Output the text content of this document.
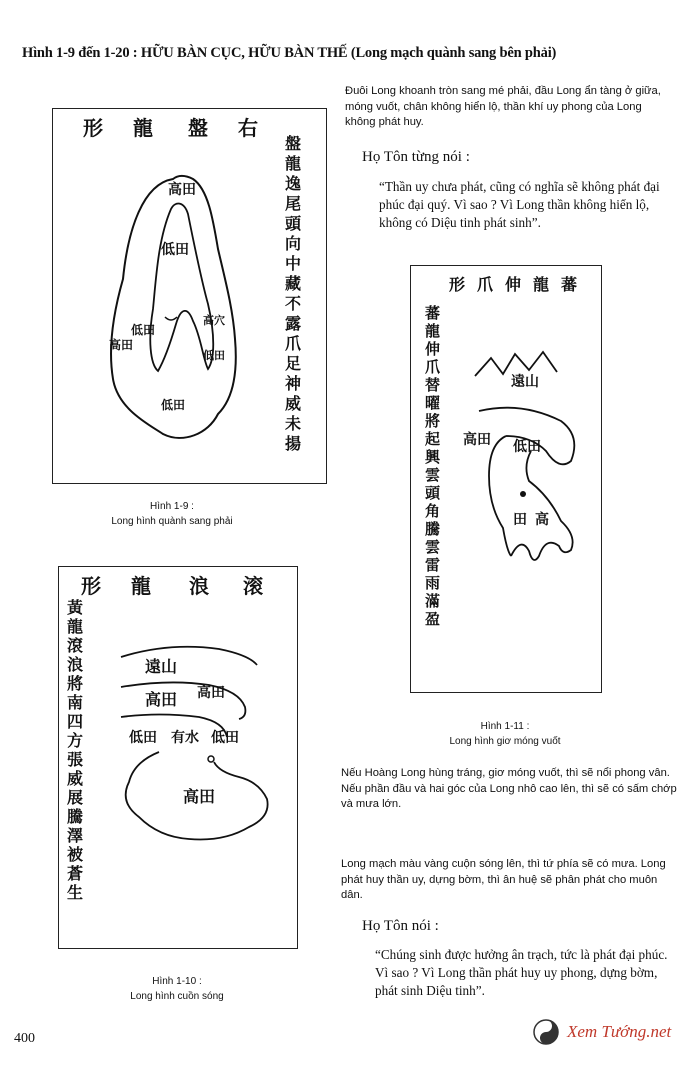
Hình 1-9 đến 1-20 : HỮU BÀN CỤC, HỮU BÀN THẾ (Long mạch quành sang bên phải)
Đuôi Long khoanh tròn sang mé phải, đầu Long ẩn tàng ở giữa, móng vuốt, chân không hiển lộ, thần khí uy phong của Long không phát huy.
Họ Tôn từng nói :
“Thần uy chưa phát, cũng có nghĩa sẽ không phát đại phúc đại quý. Vì sao ? Vì Long thần không hiển lộ, không có Diệu tinh phát sinh”.
形 龍 盤 右
盤
龍
逸
尾
頭
向
中
藏
不
露
爪
足
神
威
未
揚
高田
低田
低田
高田
高穴
低田
低田
Hình 1-9 :
Long hình quành sang phải
形 爪 伸 龍 蕃
蕃
龍
伸
爪
替
曜
將
起
興
雲
頭
角
騰
雲
雷
雨
滿
盈
遠山
高田 低田
田 高
Hình 1-11 :
Long hình giơ móng vuốt
Nếu Hoàng Long hùng tráng, giơ móng vuốt, thì sẽ nổi phong vân. Nếu phần đầu và hai góc của Long nhô cao lên, thì sẽ có sấm chớp và mưa lớn.
形 龍 浪 滚
黃
龍
滾
浪
將
南
四
方
張
威
展
騰
澤
被
蒼
生
遠山
高田 高田
低田 有水 低田
高田
Hình 1-10 :
Long hình cuồn sóng
Long mạch màu vàng cuộn sóng lên, thì tứ phía sẽ có mưa. Long phát huy thần uy, dựng bờm, thì ân huệ sẽ phân phát cho muôn dân.
Họ Tôn nói :
“Chúng sinh được hưởng ân trạch, tức là phát đại phúc. Vì sao ? Vì Long thần phát huy uy phong, dựng bờm, phát sinh Diệu tinh”.
400	Xem Tướng.net
